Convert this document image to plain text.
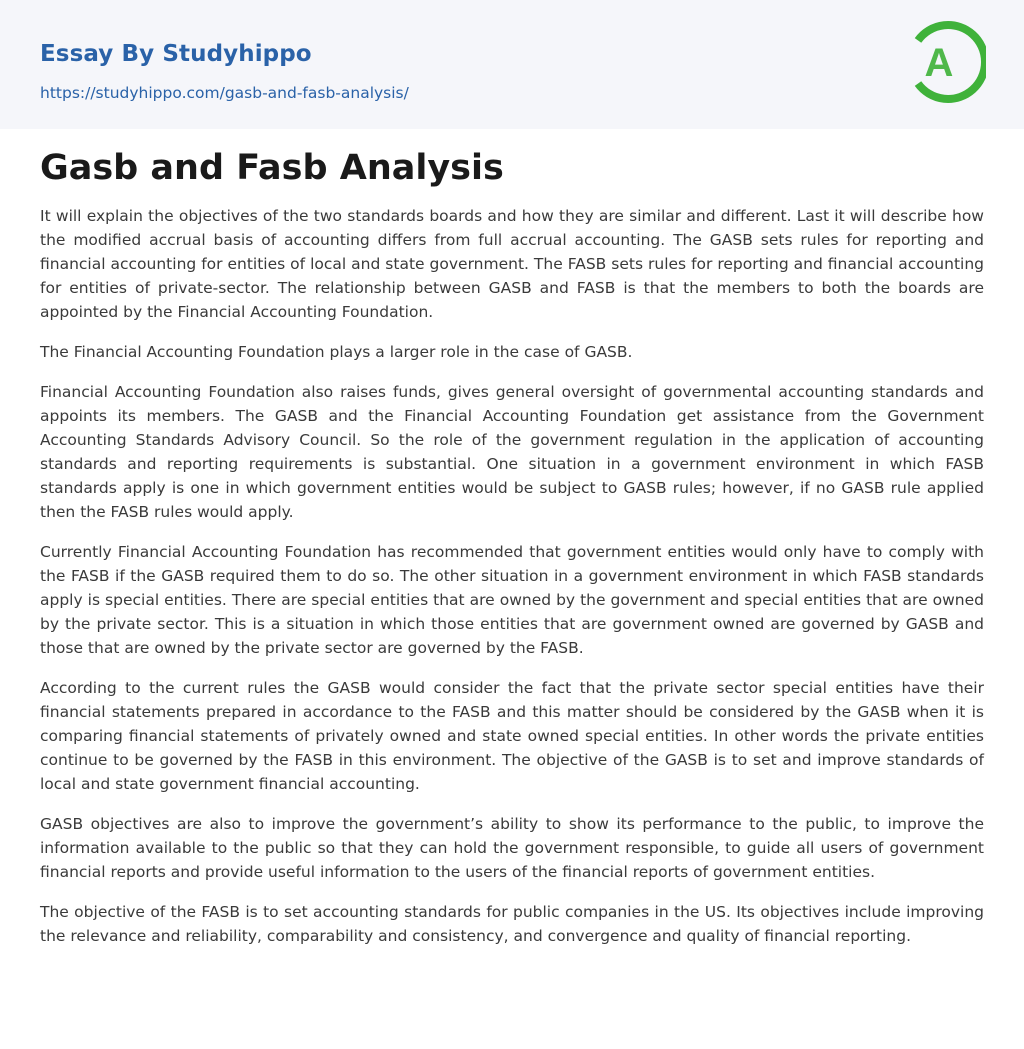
Essay By Studyhippo
https://studyhippo.com/gasb-and-fasb-analysis/
A
Gasb and Fasb Analysis

It will explain the objectives of the two standards boards and how they are similar and different. Last it will describe how the modified accrual basis of accounting differs from full accrual accounting. The GASB sets rules for reporting and financial accounting for entities of local and state government. The FASB sets rules for reporting and financial accounting for entities of private-sector. The relationship between GASB and FASB is that the members to both the boards are appointed by the Financial Accounting Foundation.

The Financial Accounting Foundation plays a larger role in the case of GASB.

Financial Accounting Foundation also raises funds, gives general oversight of governmental accounting standards and appoints its members. The GASB and the Financial Accounting Foundation get assistance from the Government Accounting Standards Advisory Council. So the role of the government regulation in the application of accounting standards and reporting requirements is substantial. One situation in a government environment in which FASB standards apply is one in which government entities would be subject to GASB rules; however, if no GASB rule applied then the FASB rules would apply.

Currently Financial Accounting Foundation has recommended that government entities would only have to comply with the FASB if the GASB required them to do so. The other situation in a government environment in which FASB standards apply is special entities. There are special entities that are owned by the government and special entities that are owned by the private sector. This is a situation in which those entities that are government owned are governed by GASB and those that are owned by the private sector are governed by the FASB.

According to the current rules the GASB would consider the fact that the private sector special entities have their financial statements prepared in accordance to the FASB and this matter should be considered by the GASB when it is comparing financial statements of privately owned and state owned special entities. In other words the private entities continue to be governed by the FASB in this environment. The objective of the GASB is to set and improve standards of local and state government financial accounting.

GASB objectives are also to improve the government’s ability to show its performance to the public, to improve the information available to the public so that they can hold the government responsible, to guide all users of government financial reports and provide useful information to the users of the financial reports of government entities.

The objective of the FASB is to set accounting standards for public companies in the US. Its objectives include improving the relevance and reliability, comparability and consistency, and convergence and quality of financial reporting.
